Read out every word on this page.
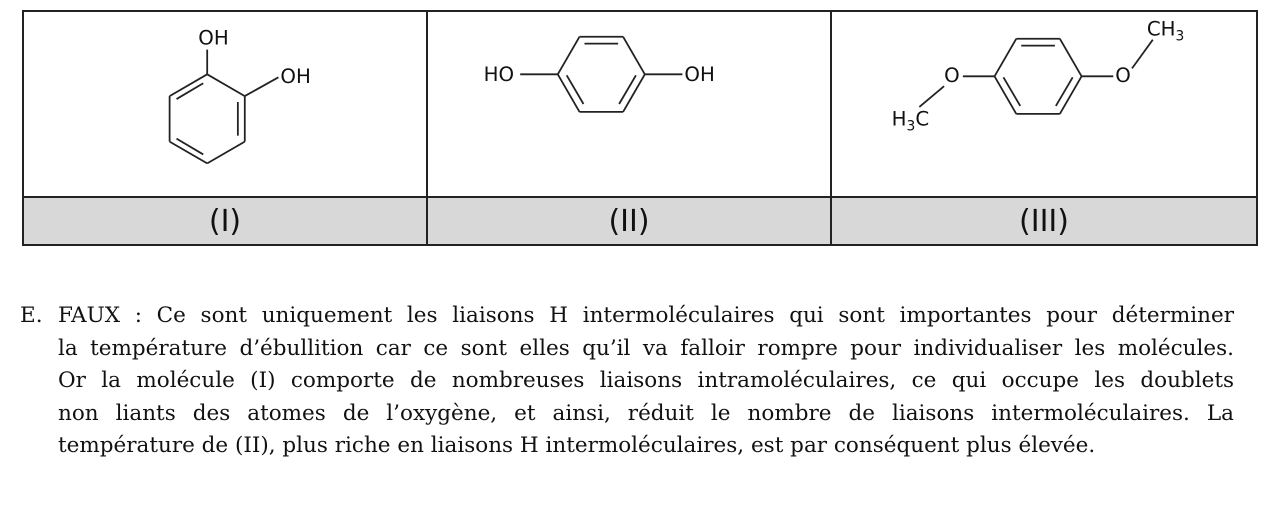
OH
OH	HO	OH	O	O
$H_3C$
$CH_3$
(I)	(II)	(III)
E. FAUX : Ce sont uniquement les liaisons H intermoléculaires qui sont importantes pour déterminer
la température d’ébullition car ce sont elles qu’il va falloir rompre pour individualiser les molécules.
Or la molécule (I) comporte de nombreuses liaisons intramoléculaires, ce qui occupe les doublets
non liants des atomes de l’oxygène, et ainsi, réduit le nombre de liaisons intermoléculaires. La
température de (II), plus riche en liaisons H intermoléculaires, est par conséquent plus élevée.
